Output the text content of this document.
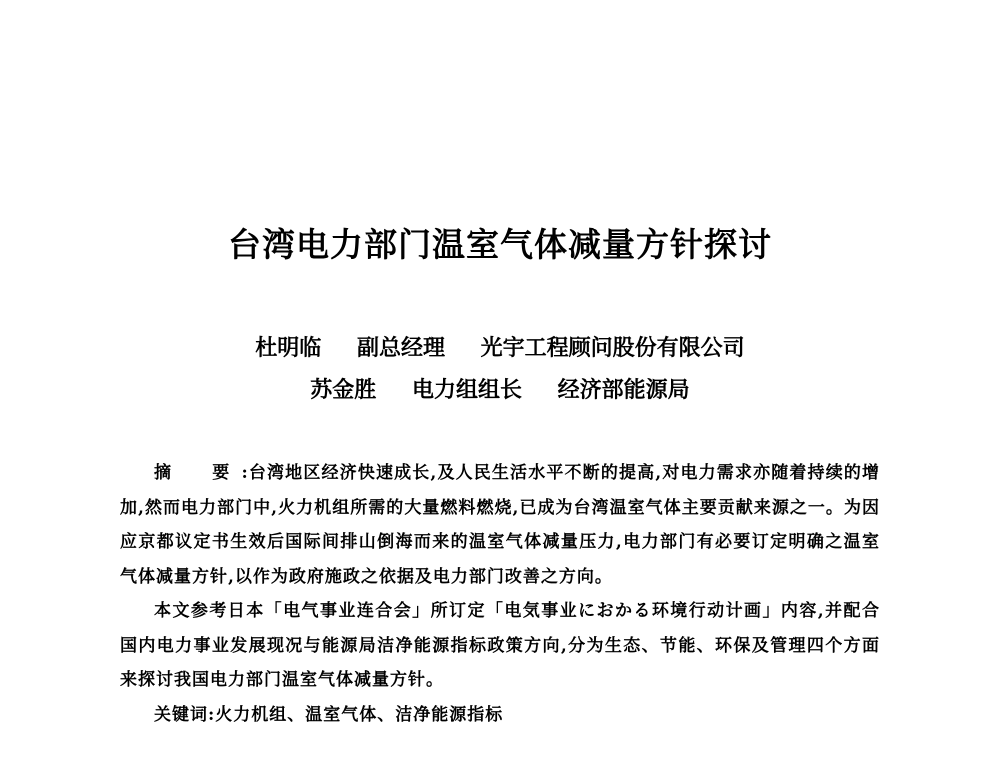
台湾电力部门温室气体减量方针探讨
杜明临 副总经理 光宇工程顾问股份有限公司
苏金胜 电力组组长 经济部能源局

摘　要:台湾地区经济快速成长,及人民生活水平不断的提高,对电力需求亦随着持续的增加,然而电力部门中,火力机组所需的大量燃料燃烧,已成为台湾温室气体主要贡献来源之一。为因应京都议定书生效后国际间排山倒海而来的温室气体减量压力,电力部门有必要订定明确之温室气体减量方针,以作为政府施政之依据及电力部门改善之方向。

本文参考日本「电气事业连合会」所订定「电気事业におかる环境行动计画」内容,并配合国内电力事业发展现况与能源局洁净能源指标政策方向,分为生态、节能、环保及管理四个方面来探讨我国电力部门温室气体减量方针。

关键词:火力机组、温室气体、洁净能源指标
